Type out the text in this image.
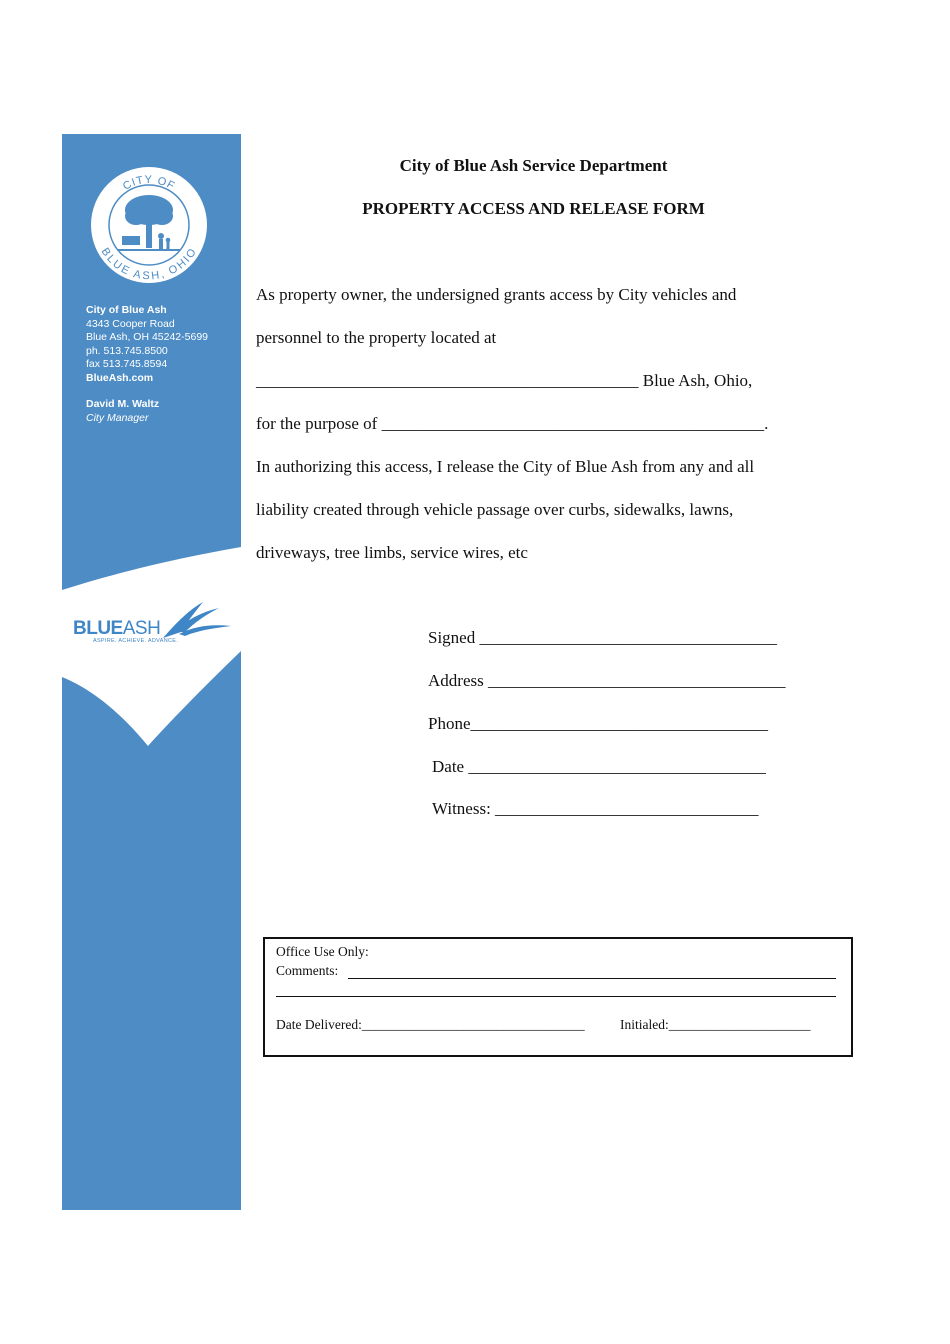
CITY OF
BLUE ASH, OHIO
City of Blue Ash
4343 Cooper Road
Blue Ash, OH 45242-5699
ph. 513.745.8500
fax 513.745.8594
BlueAsh.com
David M. Waltz
City Manager
BLUEASH
ASPIRE. ACHIEVE. ADVANCE.
City of Blue Ash Service Department
PROPERTY ACCESS AND RELEASE FORM
As property owner, the undersigned grants access by City vehicles and
personnel to the property located at
_____________________________________________ Blue Ash, Ohio,
for the purpose of _____________________________________________.
In authorizing this access, I release the City of Blue Ash from any and all
liability created through vehicle passage over curbs, sidewalks, lawns,
driveways, tree limbs, service wires, etc
Signed ___________________________________
Address ___________________________________
Phone___________________________________
Date ___________________________________
Witness: _______________________________
Office Use Only:
Comments:
Date Delivered:_________________________________	Initialed:_____________________
